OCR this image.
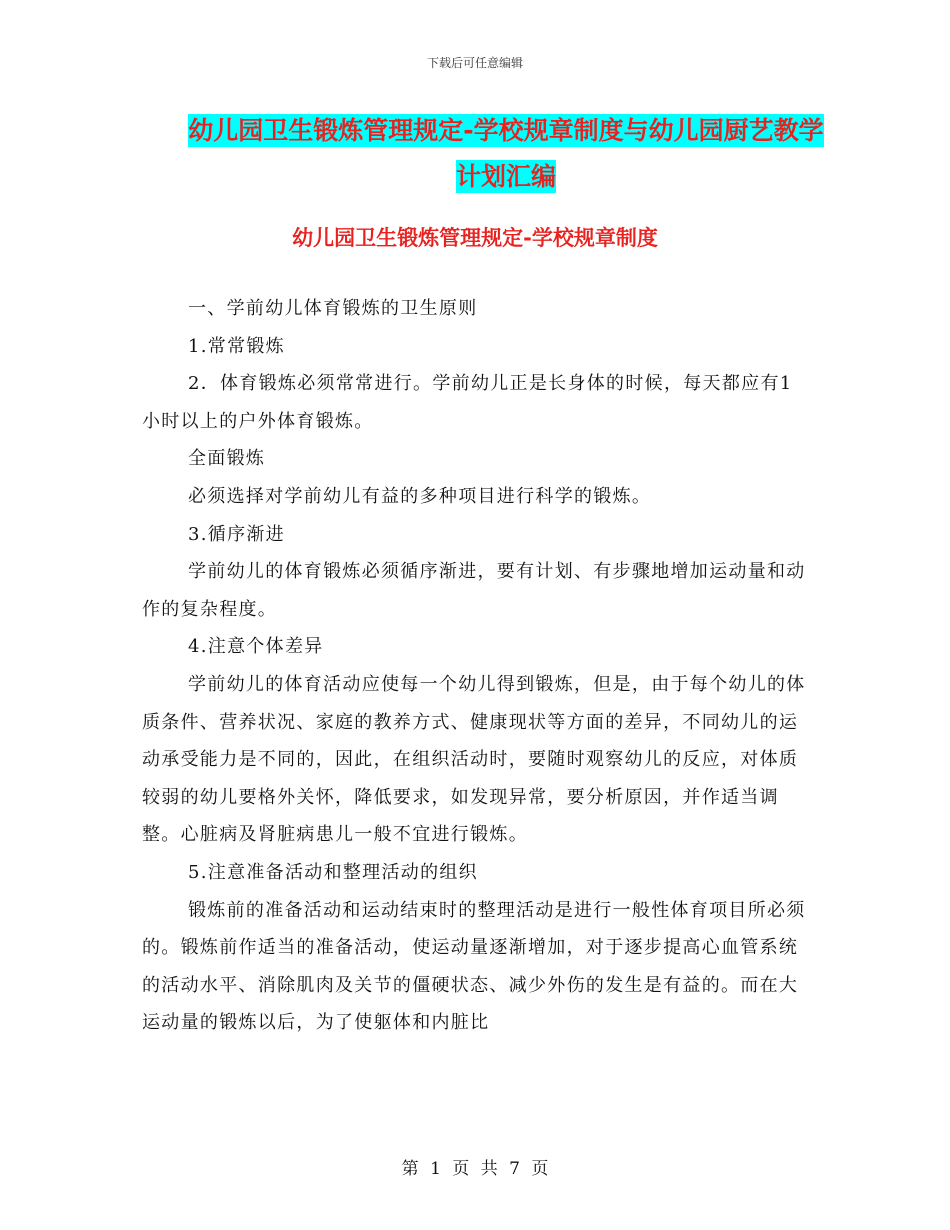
下载后可任意编辑
幼儿园卫生锻炼管理规定-学校规章制度与幼儿园厨艺教学计划汇编
幼儿园卫生锻炼管理规定-学校规章制度

一、学前幼儿体育锻炼的卫生原则

1.常常锻炼

2．体育锻炼必须常常进行。学前幼儿正是长身体的时候，每天都应有1小时以上的户外体育锻炼。

全面锻炼

必须选择对学前幼儿有益的多种项目进行科学的锻炼。

3.循序渐进

学前幼儿的体育锻炼必须循序渐进，要有计划、有步骤地增加运动量和动作的复杂程度。

4.注意个体差异

学前幼儿的体育活动应使每一个幼儿得到锻炼，但是，由于每个幼儿的体质条件、营养状况、家庭的教养方式、健康现状等方面的差异，不同幼儿的运动承受能力是不同的，因此，在组织活动时，要随时观察幼儿的反应，对体质较弱的幼儿要格外关怀，降低要求，如发现异常，要分析原因，并作适当调整。心脏病及肾脏病患儿一般不宜进行锻炼。

5.注意准备活动和整理活动的组织

锻炼前的准备活动和运动结束时的整理活动是进行一般性体育项目所必须的。锻炼前作适当的准备活动，使运动量逐渐增加，对于逐步提高心血管系统的活动水平、消除肌肉及关节的僵硬状态、减少外伤的发生是有益的。而在大运动量的锻炼以后，为了使躯体和内脏比

第 1 页 共 7 页
